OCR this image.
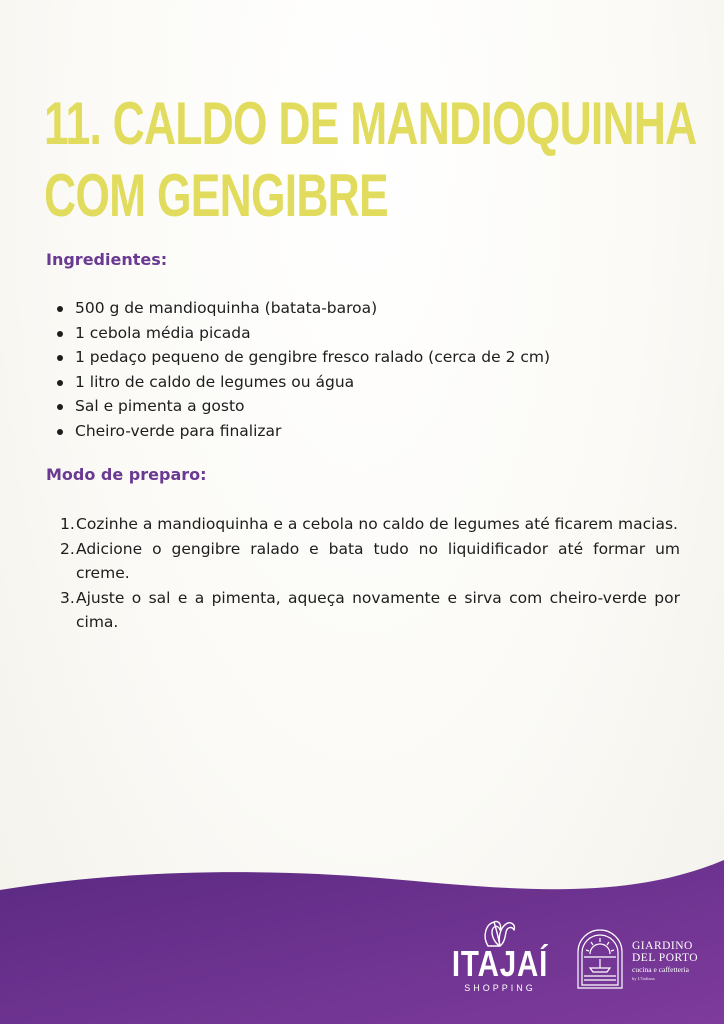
11. CALDO DE MANDIOQUINHA
COM GENGIBRE
Ingredientes:
500 g de mandioquinha (batata-baroa)
1 cebola média picada
1 pedaço pequeno de gengibre fresco ralado (cerca de 2 cm)
1 litro de caldo de legumes ou água
Sal e pimenta a gosto
Cheiro-verde para finalizar
Modo de preparo:
1. Cozinhe a mandioquinha e a cebola no caldo de legumes até ficarem macias.
2. Adicione o gengibre ralado e bata tudo no liquidificador até formar um creme.
3. Ajuste o sal e a pimenta, aqueça novamente e sirva com cheiro-verde por cima.
ITAJAÍ
SHOPPING
GIARDINO
DEL PORTO
cucina e caffetteria
by L'Italiana
